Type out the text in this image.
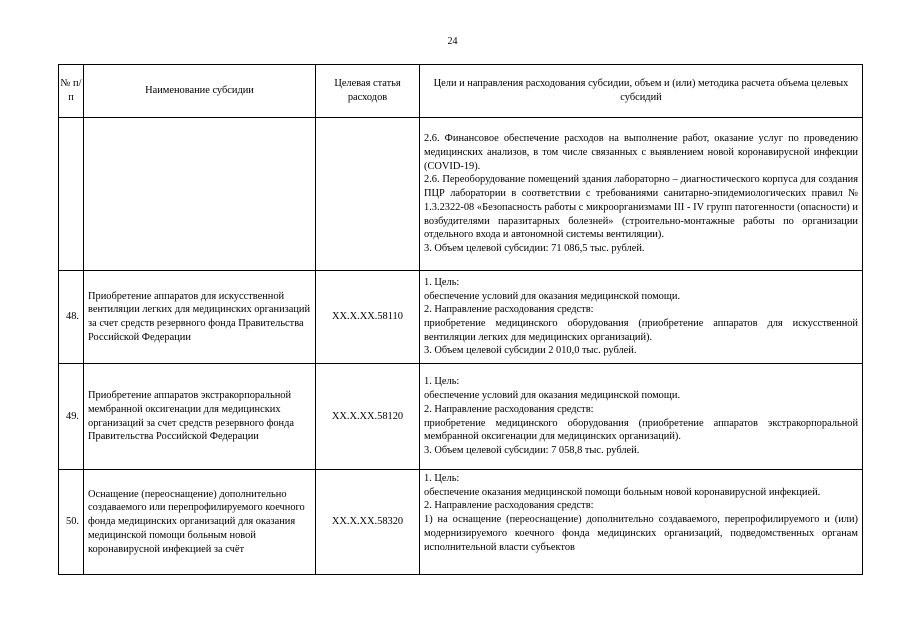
24
№ п/ п	Наименование субсидии	Целевая статья расходов	Цели и направления расходования субсидии, объем и (или) методика расчета объема целевых субсидий

			2.6. Финансовое обеспечение расходов на выполнение работ, оказание услуг по проведению медицинских анализов, в том числе связанных с выявлением новой коронавирусной инфекции (COVID-19).

2.6. Переоборудование помещений здания лабораторно – диагностического корпуса для создания ПЦР лаборатории в соответствии с требованиями санитарно-эпидемиологических правил № 1.3.2322-08 «Безопасность работы с микроорганизмами III - IV групп патогенности (опасности) и возбудителями паразитарных болезней» (строительно-монтажные работы по организации отдельного входа и автономной системы вентиляции).

3. Объем целевой субсидии: 71 086,5 тыс. рублей.

48.	Приобретение аппаратов для искусственной вентиляции легких для медицинских организаций за счет средств резервного фонда Правительства Российской Федерации	XX.X.XX.58110	1. Цель:

обеспечение условий для оказания медицинской помощи.

2. Направление расходования средств:

приобретение медицинского оборудования (приобретение аппаратов для искусственной вентиляции легких для медицинских организаций).

3. Объем целевой субсидии 2 010,0 тыс. рублей.

49.	Приобретение аппаратов экстракорпоральной мембранной оксигенации для медицинских организаций за счет средств резервного фонда Правительства Российской Федерации	XX.X.XX.58120	1. Цель:

обеспечение условий для оказания медицинской помощи.

2. Направление расходования средств:

приобретение медицинского оборудования (приобретение аппаратов экстракорпоральной мембранной оксигенации для медицинских организаций).

3. Объем целевой субсидии: 7 058,8 тыс. рублей.

50.	Оснащение (переоснащение) дополнительно создаваемого или перепрофилируемого коечного фонда медицинских организаций для оказания медицинской помощи больным новой коронавирусной инфекцией за счёт	XX.X.XX.58320	1. Цель:

обеспечение оказания медицинской помощи больным новой коронавирусной инфекцией.

2. Направление расходования средств:

1) на оснащение (переоснащение) дополнительно создаваемого, перепрофилируемого и (или) модернизируемого коечного фонда медицинских организаций, подведомственных органам исполнительной власти субъектов
